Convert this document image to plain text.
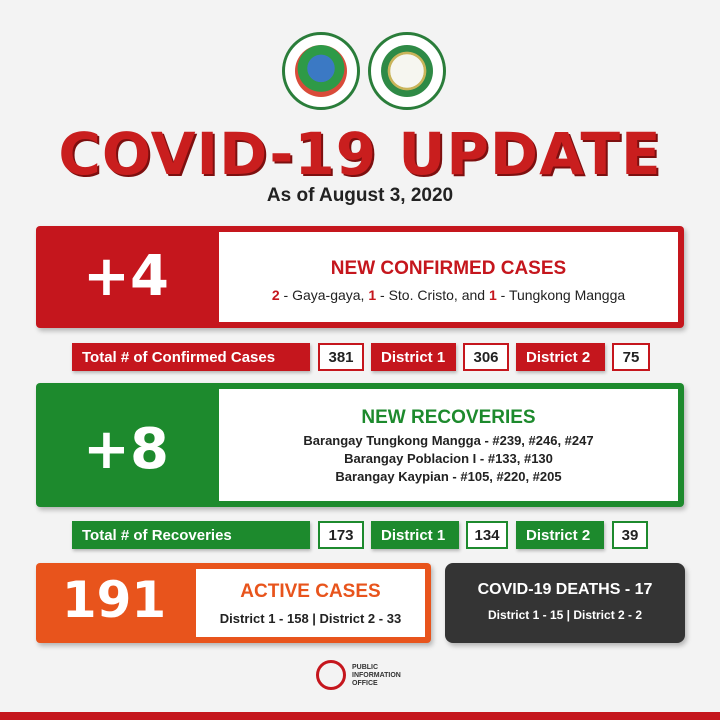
COVID-19 UPDATE
As of August 3, 2020
+4	NEW CONFIRMED CASES
2 - Gaya-gaya, 1 - Sto. Cristo, and 1 - Tungkong Mangga
Total # of Confirmed Cases	381	District 1	306	District 2	75
+8	NEW RECOVERIES
Barangay Tungkong Mangga - #239, #246, #247
Barangay Poblacion I - #133, #130
Barangay Kaypian - #105, #220, #205
Total # of Recoveries	173	District 1	134	District 2	39
191	ACTIVE CASES
District 1 - 158 | District 2 - 33
COVID-19 DEATHS - 17
District 1 - 15 | District 2 - 2
PUBLIC
INFORMATION
OFFICE
